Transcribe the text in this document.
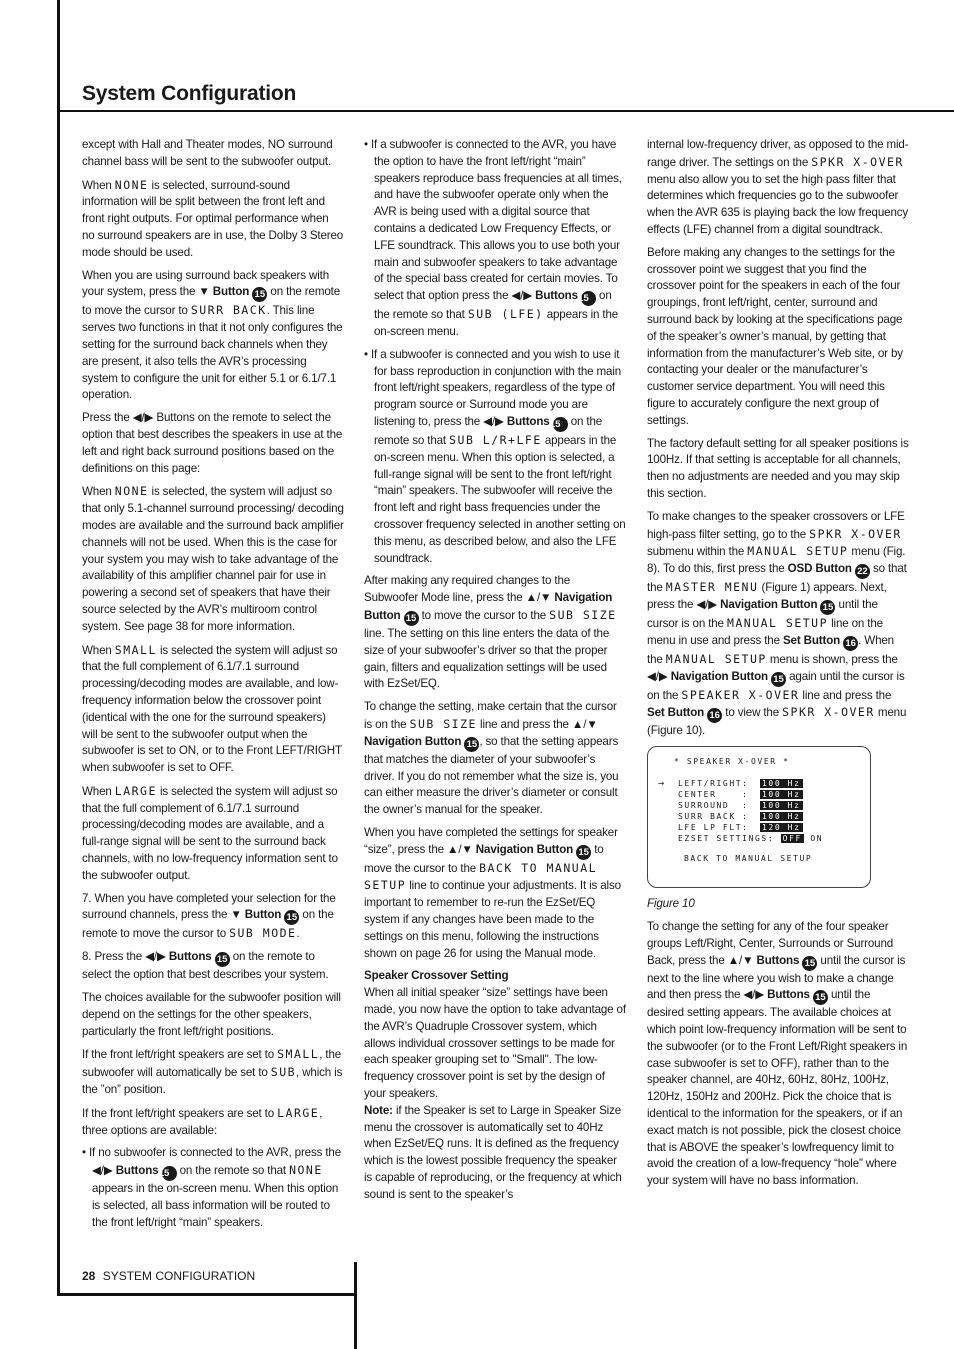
System Configuration

except with Hall and Theater modes, NO surround channel bass will be sent to the subwoofer output.

When NONE is selected, surround-sound information will be split between the front left and front right outputs. For optimal performance when no surround speakers are in use, the Dolby 3 Stereo mode should be used.

When you are using surround back speakers with your system, press the ▼ Button 15 on the remote to move the cursor to SURR BACK. This line serves two functions in that it not only configures the setting for the surround back channels when they are present, it also tells the AVR’s processing system to configure the unit for either 5.1 or 6.1/7.1 operation.

Press the ◀/▶ Buttons on the remote to select the option that best describes the speakers in use at the left and right back surround positions based on the definitions on this page:

When NONE is selected, the system will adjust so that only 5.1-channel surround processing/ decoding modes are available and the surround back amplifier channels will not be used. When this is the case for your system you may wish to take advantage of the availability of this amplifier channel pair for use in powering a second set of speakers that have their source selected by the AVR’s multiroom control system. See page 38 for more information.

When SMALL is selected the system will adjust so that the full complement of 6.1/7.1 surround processing/decoding modes are available, and low-frequency information below the crossover point (identical with the one for the surround speakers) will be sent to the subwoofer output when the subwoofer is set to ON, or to the Front LEFT/RIGHT when subwoofer is set to OFF.

When LARGE is selected the system will adjust so that the full complement of 6.1/7.1 surround processing/decoding modes are available, and a full-range signal will be sent to the surround back channels, with no low-frequency information sent to the subwoofer output.

7. When you have completed your selection for the surround channels, press the ▼ Button 15 on the remote to move the cursor to SUB MODE.

8. Press the ◀/▶ Buttons 15 on the remote to select the option that best describes your system.

The choices available for the subwoofer position will depend on the settings for the other speakers, particularly the front left/right positions.

If the front left/right speakers are set to SMALL, the subwoofer will automatically be set to SUB, which is the ”on” position.

If the front left/right speakers are set to LARGE, three options are available:

• If no subwoofer is connected to the AVR, press the ◀/▶ Buttons 15 on the remote so that NONE appears in the on-screen menu. When this option is selected, all bass information will be routed to the front left/right “main” speakers.

• If a subwoofer is connected to the AVR, you have the option to have the front left/right “main” speakers reproduce bass frequencies at all times, and have the subwoofer operate only when the AVR is being used with a digital source that contains a dedicated Low Frequency Effects, or LFE soundtrack. This allows you to use both your main and subwoofer speakers to take advantage of the special bass created for certain movies. To select that option press the ◀/▶ Buttons 15 on the remote so that SUB (LFE) appears in the on-screen menu.

• If a subwoofer is connected and you wish to use it for bass reproduction in conjunction with the main front left/right speakers, regardless of the type of program source or Surround mode you are listening to, press the ◀/▶ Buttons 15 on the remote so that SUB L/R+LFE appears in the on-screen menu. When this option is selected, a full-range signal will be sent to the front left/right “main” speakers. The subwoofer will receive the front left and right bass frequencies under the crossover frequency selected in another setting on this menu, as described below, and also the LFE soundtrack.

After making any required changes to the Subwoofer Mode line, press the ▲/▼ Navigation Button 15 to move the cursor to the SUB SIZE line. The setting on this line enters the data of the size of your subwoofer’s driver so that the proper gain, filters and equalization settings will be used with EzSet/EQ.

To change the setting, make certain that the cursor is on the SUB SIZE line and press the ▲/▼ Navigation Button 15 , so that the setting appears that matches the diameter of your subwoofer’s driver. If you do not remember what the size is, you can either measure the driver’s diameter or consult the owner’s manual for the speaker.

When you have completed the settings for speaker “size”, press the ▲/▼ Navigation Button 15 to move the cursor to the BACK TO MANUAL SETUP line to continue your adjustments. It is also important to remember to re-run the EzSet/EQ system if any changes have been made to the settings on this menu, following the instructions shown on page 26 for using the Manual mode.

Speaker Crossover Setting
When all initial speaker “size” settings have been made, you now have the option to take advantage of the AVR’s Quadruple Crossover system, which allows individual crossover settings to be made for each speaker grouping set to "Small". The low-frequency crossover point is set by the design of your speakers.
Note: if the Speaker is set to Large in Speaker Size menu the crossover is automatically set to 40Hz when EzSet/EQ runs. It is defined as the frequency which is the lowest possible frequency the speaker is capable of reproducing, or the frequency at which sound is sent to the speaker’s

internal low-frequency driver, as opposed to the mid-range driver. The settings on the SPKR X-OVER menu also allow you to set the high pass filter that determines which frequencies go to the subwoofer when the AVR 635 is playing back the low frequency effects (LFE) channel from a digital soundtrack.

Before making any changes to the settings for the crossover point we suggest that you find the crossover point for the speakers in each of the four groupings, front left/right, center, surround and surround back by looking at the specifications page of the speaker’s owner’s manual, by getting that information from the manufacturer’s Web site, or by contacting your dealer or the manufacturer’s customer service department. You will need this figure to accurately configure the next group of settings.

The factory default setting for all speaker positions is 100Hz. If that setting is acceptable for all channels, then no adjustments are needed and you may skip this section.

To make changes to the speaker crossovers or LFE high-pass filter setting, go to the SPKR X-OVER submenu within the MANUAL SETUP menu (Fig. 8). To do this, first press the OSD Button 22 so that the MASTER MENU (Figure 1) appears. Next, press the ◀/▶ Navigation Button 15 until the cursor is on the MANUAL SETUP line on the menu in use and press the Set Button 16 . When the MANUAL SETUP menu is shown, press the ◀/▶ Navigation Button 15 again until the cursor is on the SPEAKER X-OVER line and press the Set Button 16 to view the SPKR X-OVER menu (Figure 10).

* SPEAKER X-OVER *
→ LEFT/RIGHT: 100 Hz
CENTER    : 100 Hz
SURROUND  : 100 Hz
SURR BACK : 100 Hz
LFE LP FLT: 120 Hz
EZSET SETTINGS: OFF ON
BACK TO MANUAL SETUP

Figure 10

To change the setting for any of the four speaker groups Left/Right, Center, Surrounds or Surround Back, press the ▲/▼ Buttons 15 until the cursor is next to the line where you wish to make a change and then press the ◀/▶ Buttons 15 until the desired setting appears. The available choices at which point low-frequency information will be sent to the subwoofer (or to the Front Left/Right speakers in case subwoofer is set to OFF), rather than to the speaker channel, are 40Hz, 60Hz, 80Hz, 100Hz, 120Hz, 150Hz and 200Hz. Pick the choice that is identical to the information for the speakers, or if an exact match is not possible, pick the closest choice that is ABOVE the speaker’s lowfrequency limit to avoid the creation of a low-frequency “hole” where your system will have no bass information.

28 SYSTEM CONFIGURATION
